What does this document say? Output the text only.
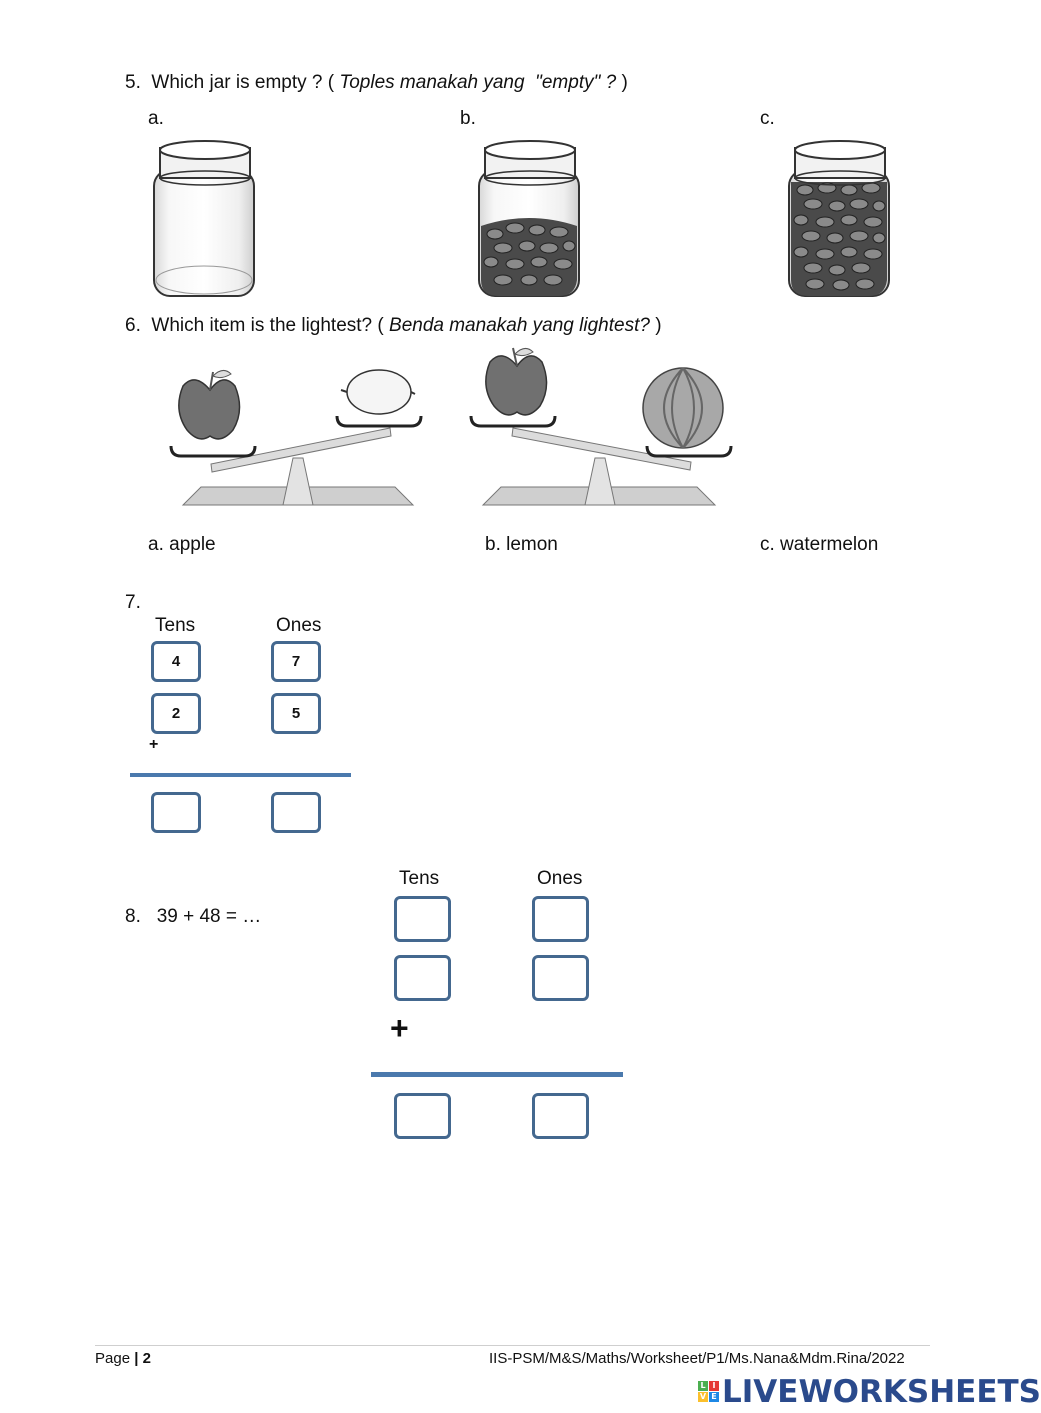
5. Which jar is empty ? ( Toples manakah yang  "empty" ? )
a.	b.	c.
6. Which item is the lightest? ( Benda manakah yang lightest? )
a. apple	b. lemon	c. watermelon
7.
Tens	Ones
4	7
2	5
+
8. 39 + 48 = …
Tens	Ones
+
Page | 2	IIS-PSM/M&S/Maths/Worksheet/P1/Ms.Nana&Mdm.Rina/2022
L I
V E LIVEWORKSHEETS
